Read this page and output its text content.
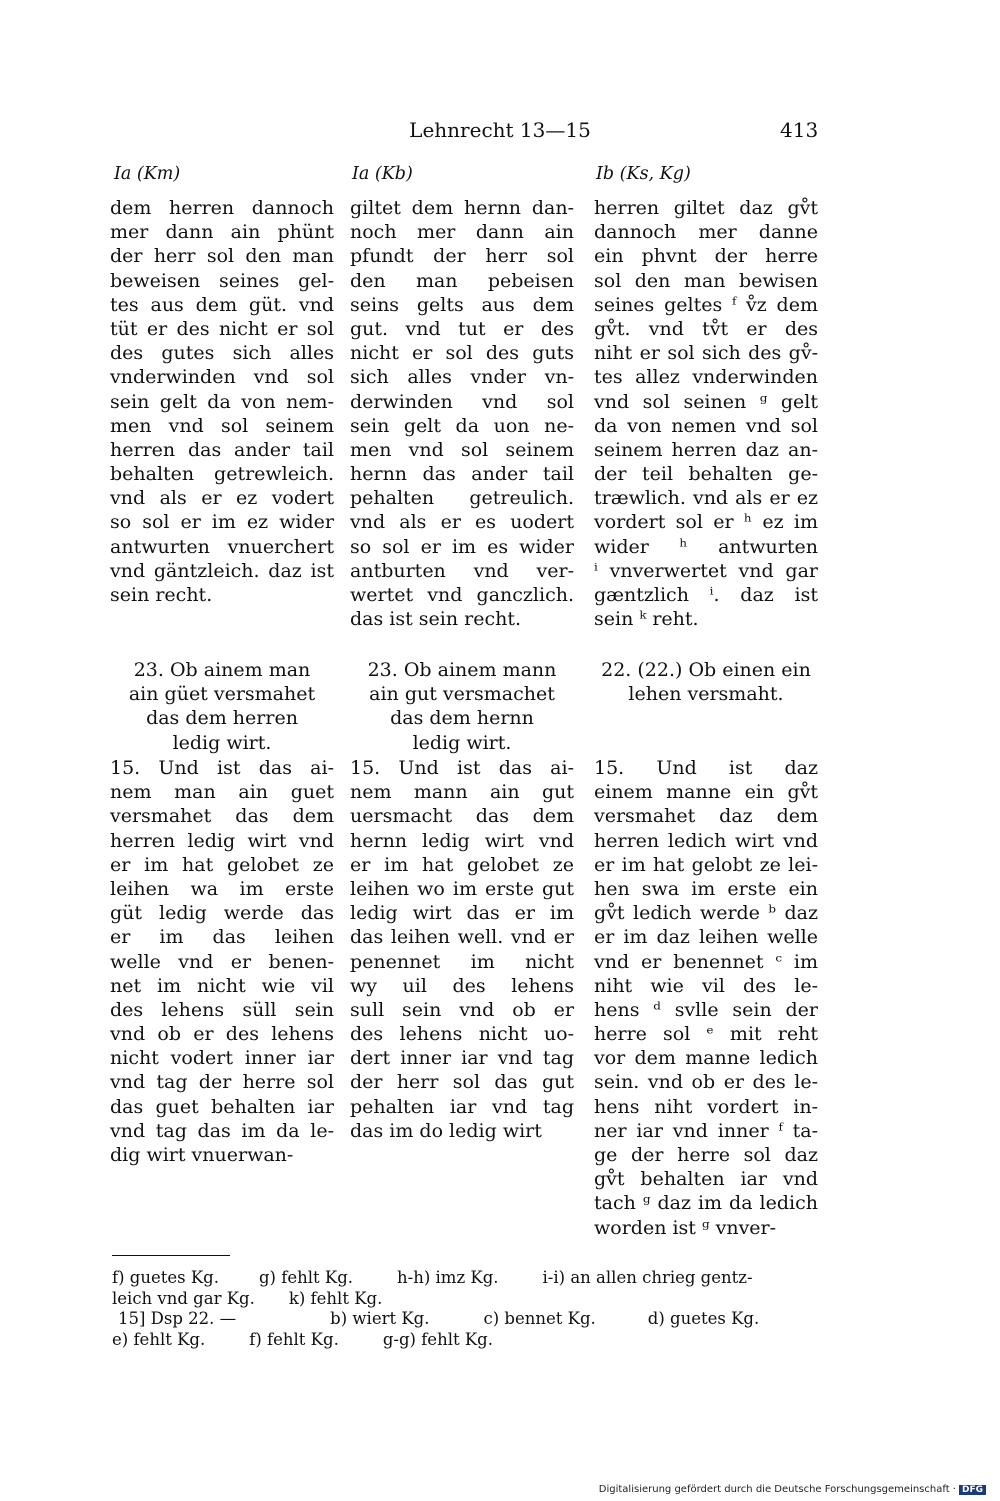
Lehnrecht 13—15	413
Ia (Km)	Ia (Kb)	Ib (Ks, Kg)
dem herren dannoch
mer dann ain phünt
der herr sol den man
beweisen seines gel-
tes aus dem güt. vnd
tüt er des nicht er sol
des gutes sich alles
vnderwinden vnd sol
sein gelt da von nem-
men vnd sol seinem
herren das ander tail
behalten getrewleich.
vnd als er ez vodert
so sol er im ez wider
antwurten vnuerchert
vnd gäntzleich. daz ist
sein recht.
giltet dem hernn dan-
noch mer dann ain
pfundt der herr sol
den man pebeisen
seins gelts aus dem
gut. vnd tut er des
nicht er sol des guts
sich alles vnder vn-
derwinden vnd sol
sein gelt da uon ne-
men vnd sol seinem
hernn das ander tail
pehalten getreulich.
vnd als er es uodert
so sol er im es wider
antburten vnd ver-
wertet vnd ganczlich.
das ist sein recht.
herren giltet daz gv̊t
dannoch mer danne
ein phvnt der herre
sol den man bewisen
seines geltes ᶠ v̊z dem
gv̊t. vnd tv̊t er des
niht er sol sich des gv̊-
tes allez vnderwinden
vnd sol seinen ᵍ gelt
da von nemen vnd sol
seinem herren daz an-
der teil behalten ge-
træwlich. vnd als er ez
vordert sol er ʰ ez im
wider ʰ antwurten
ⁱ vnverwertet vnd gar
gæntzlich ⁱ. daz ist
sein ᵏ reht.
23. Ob ainem man
ain güet versmahet
das dem herren
ledig wirt.
23. Ob ainem mann
ain gut versmachet
das dem hernn
ledig wirt.
22. (22.) Ob einen ein
lehen versmaht.
15. Und ist das ai-
nem man ain guet
versmahet das dem
herren ledig wirt vnd
er im hat gelobet ze
leihen wa im erste
güt ledig werde das
er im das leihen
welle vnd er benen-
net im nicht wie vil
des lehens süll sein
vnd ob er des lehens
nicht vodert inner iar
vnd tag der herre sol
das guet behalten iar
vnd tag das im da le-
dig wirt vnuerwan-
15. Und ist das ai-
nem mann ain gut
uersmacht das dem
hernn ledig wirt vnd
er im hat gelobet ze
leihen wo im erste gut
ledig wirt das er im
das leihen well. vnd er
penennet im nicht
wy uil des lehens
sull sein vnd ob er
des lehens nicht uo-
dert inner iar vnd tag
der herr sol das gut
pehalten iar vnd tag
das im do ledig wirt
15. Und ist daz
einem manne ein gv̊t
versmahet daz dem
herren ledich wirt vnd
er im hat gelobt ze lei-
hen swa im erste ein
gv̊t ledich werde ᵇ daz
er im daz leihen welle
vnd er benennet ᶜ im
niht wie vil des le-
hens ᵈ svlle sein der
herre sol ᵉ mit reht
vor dem manne ledich
sein. vnd ob er des le-
hens niht vordert in-
ner iar vnd inner ᶠ ta-
ge der herre sol daz
gv̊t behalten iar vnd
tach ᵍ daz im da ledich
worden ist ᵍ vnver-
f) guetes Kg. g) fehlt Kg.	h-h) imz Kg.	i-i) an allen chrieg gentz-
leich vnd gar Kg. k) fehlt Kg.
15] Dsp 22. —	b) wiert Kg.	c) bennet Kg.	d) guetes Kg.
e) fehlt Kg.	f) fehlt Kg.	g-g) fehlt Kg.
Digitalisierung gefördert durch die Deutsche Forschungsgemeinschaft · DFG
